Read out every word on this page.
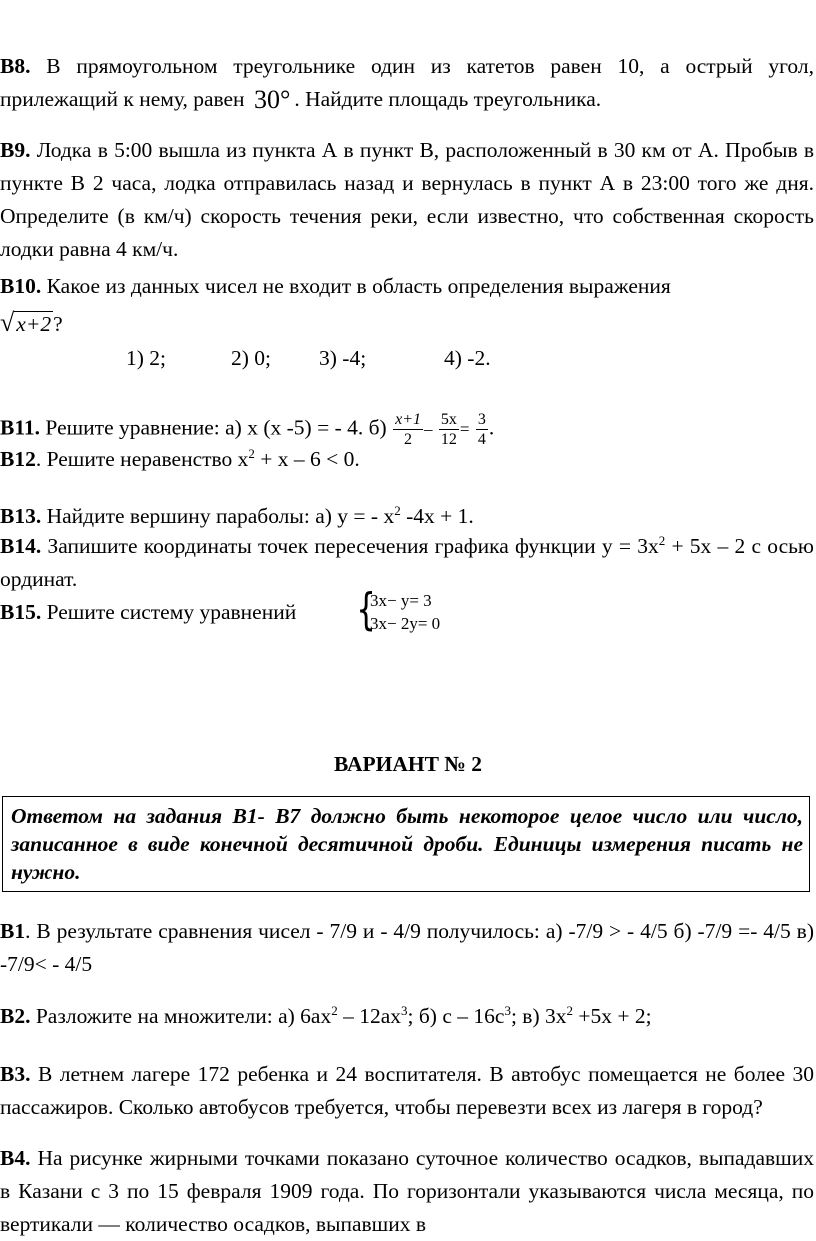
В8. В прямоугольном треугольнике один из катетов равен 10, а острый угол, прилежащий к нему, равен 30° . Найдите площадь треугольника.
В9. Лодка в 5:00 вышла из пункта А в пункт В, расположенный в 30 км от А. Пробыв в пункте В 2 часа, лодка отправилась назад и вернулась в пункт А в 23:00 того же дня. Определите (в км/ч) скорость течения реки, если известно, что собственная скорость лодки равна 4 км/ч.
В10. Какое из данных чисел не входит в область определения выражения
√x+2?
1) 2;	2) 0; 3) -4;	4) -2.
В11. Решите уравнение: а) х (х -5) = - 4. $б) \frac{x+1}{2} - \frac{5x}{12} = \frac{3}{4}$ .
В12. Решите неравенство $х^2 + х - 6 < 0$.
В13. Найдите вершину параболы: а) у = - $х^2$ -4х + 1.
В14. Запишите координаты точек пересечения графика функции $у = 3х^2 + 5х - 2$ с осью ординат.
В15. Решите систему уравнений	{
3x− y= 3
3x− 2y= 0
ВАРИАНТ № 2
Ответом на задания В1- В7 должно быть некоторое целое число или число, записанное в виде конечной десятичной дроби. Единицы измерения писать не нужно.
В1. В результате сравнения чисел - 7/9 и - 4/9 получилось: а) -7/9 > - 4/5 б) -7/9 =- 4/5 в) -7/9< - 4/5
В2. Разложите на множители: а) $6ах^2 - 12ах^3$; б) с – $16с^3$; в) $3х^2 +5х + 2$;
В3. В летнем лагере 172 ребенка и 24 воспитателя. В автобус помещается не более 30 пассажиров. Сколько автобусов требуется, чтобы перевезти всех из лагеря в город?
В4. На рисунке жирными точками показано суточное количество осадков, выпадавших в Казани с 3 по 15 февраля 1909 года. По горизонтали указываются числа месяца, по вертикали — количество осадков, выпавших в
